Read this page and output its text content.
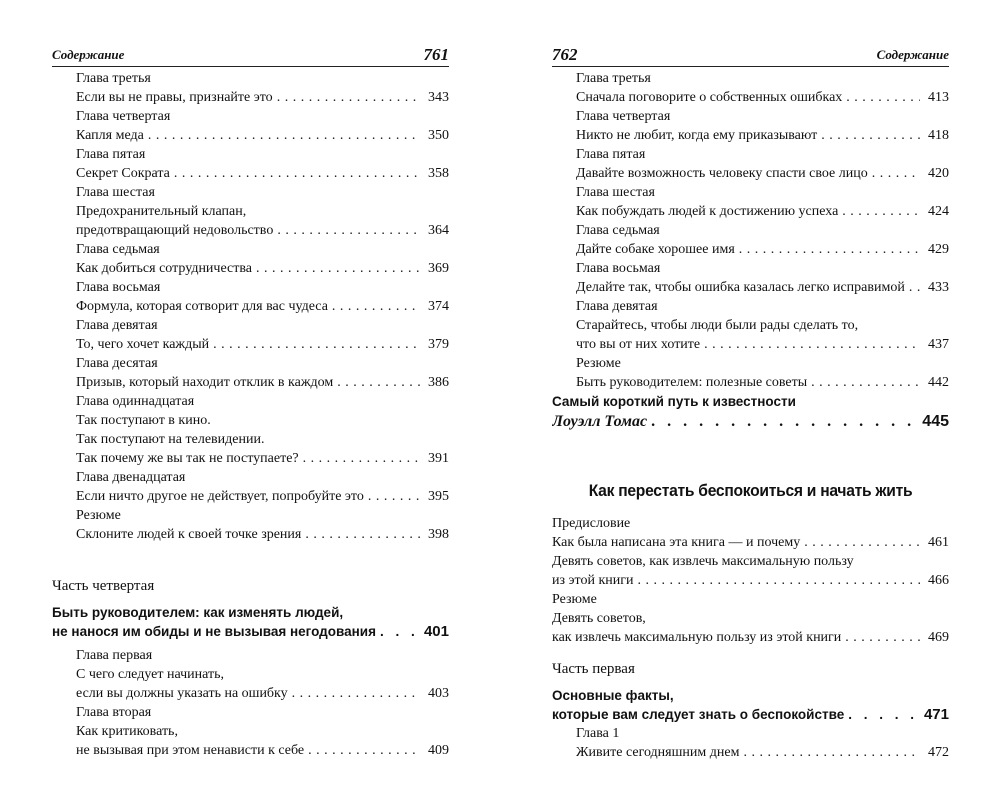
Содержание	761
Глава третья
Если вы не правы, признайте это . . .	343
Глава четвертая
Капля меда . . .	350
Глава пятая
Секрет Сократа . . .	358
Глава шестая
Предохранительный клапан,
предотвращающий недовольство . . .	364
Глава седьмая
Как добиться сотрудничества . . .	369
Глава восьмая
Формула, которая сотворит для вас чудеса . . .	374
Глава девятая
То, чего хочет каждый . . .	379
Глава десятая
Призыв, который находит отклик в каждом . . .	386
Глава одиннадцатая
Так поступают в кино.
Так поступают на телевидении.
Так почему же вы так не поступаете? . . .	391
Глава двенадцатая
Если ничто другое не действует, попробуйте это . . .	395
Резюме
Склоните людей к своей точке зрения . . .	398
Часть четвертая
Быть руководителем: как изменять людей,
не нанося им обиды и не вызывая негодования . . .	401
Глава первая
С чего следует начинать,
если вы должны указать на ошибку . . .	403
Глава вторая
Как критиковать,
не вызывая при этом ненависти к себе . . .	409
762	Содержание
Глава третья
Сначала поговорите о собственных ошибках . . .	413
Глава четвертая
Никто не любит, когда ему приказывают . . .	418
Глава пятая
Давайте возможность человеку спасти свое лицо . . .	420
Глава шестая
Как побуждать людей к достижению успеха . . .	424
Глава седьмая
Дайте собаке хорошее имя . . .	429
Глава восьмая
Делайте так, чтобы ошибка казалась легко исправимой . . .	433
Глава девятая
Старайтесь, чтобы люди были рады сделать то,
что вы от них хотите . . .	437
Резюме
Быть руководителем: полезные советы . . .	442
Самый короткий путь к известности
Лоуэлл Томас . . .	445
Как перестать беспокоиться и начать жить
Предисловие
Как была написана эта книга — и почему . . .	461
Девять советов, как извлечь максимальную пользу
из этой книги . . .	466
Резюме
Девять советов,
как извлечь максимальную пользу из этой книги . . .	469
Часть первая
Основные факты,
которые вам следует знать о беспокойстве . . .	471
Глава 1
Живите сегодняшним днем . . .	472
